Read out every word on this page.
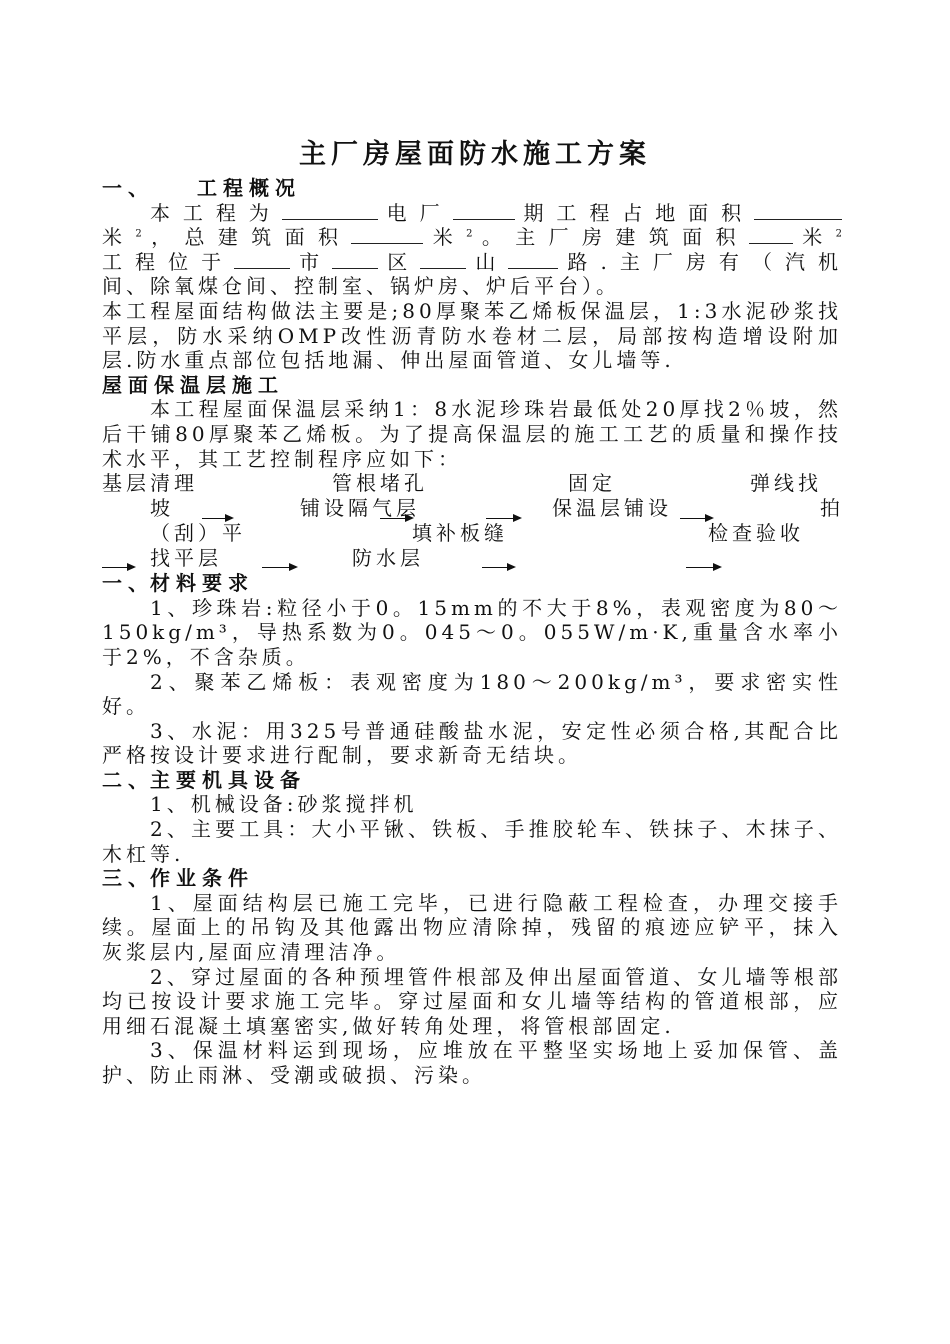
主厂房屋面防水施工方案
一、 工程概况

本工程为	电厂	期工程占地面积

米$^2$，总建筑面积	米$^2$。主厂房建筑面积 米$^2$

工程位于	市 区 山	路.主厂房有（汽机

间、除氧煤仓间、控制室、锅炉房、炉后平台）。

本工程屋面结构做法主要是;80厚聚苯乙烯板保温层，1:3水泥砂浆找平层，防水采纳OMP改性沥青防水卷材二层，局部按构造增设附加层.防水重点部位包括地漏、伸出屋面管道、女儿墙等.

屋面保温层施工

本工程屋面保温层采纳1：8水泥珍珠岩最低处20厚找2％坡，然后干铺80厚聚苯乙烯板。为了提高保温层的施工工艺的质量和操作技术水平，其工艺控制程序应如下：

基层清理	管根堵孔	固定	弹线找
坡	铺设隔气层	保温层铺设	拍
（刮）平	填补板缝	检查验收
找平层	防水层
一、材料要求

1、珍珠岩:粒径小于0。15mm的不大于8%，表观密度为80～150kg/m³，导热系数为0。045～0。055W/m·K,重量含水率小于2%，不含杂质。

2、聚苯乙烯板：表观密度为180～200kg/m³，要求密实性好。

3、水泥：用325号普通硅酸盐水泥，安定性必须合格,其配合比严格按设计要求进行配制，要求新奇无结块。

二、主要机具设备

1、机械设备:砂浆搅拌机

2、主要工具：大小平锹、铁板、手推胶轮车、铁抹子、木抹子、木杠等.

三、作业条件

1、屋面结构层已施工完毕，已进行隐蔽工程检查，办理交接手续。屋面上的吊钩及其他露出物应清除掉，残留的痕迹应铲平，抹入灰浆层内,屋面应清理洁净。

2、穿过屋面的各种预埋管件根部及伸出屋面管道、女儿墙等根部均已按设计要求施工完毕。穿过屋面和女儿墙等结构的管道根部，应用细石混凝土填塞密实,做好转角处理，将管根部固定.

3、保温材料运到现场，应堆放在平整坚实场地上妥加保管、盖护、防止雨淋、受潮或破损、污染。
